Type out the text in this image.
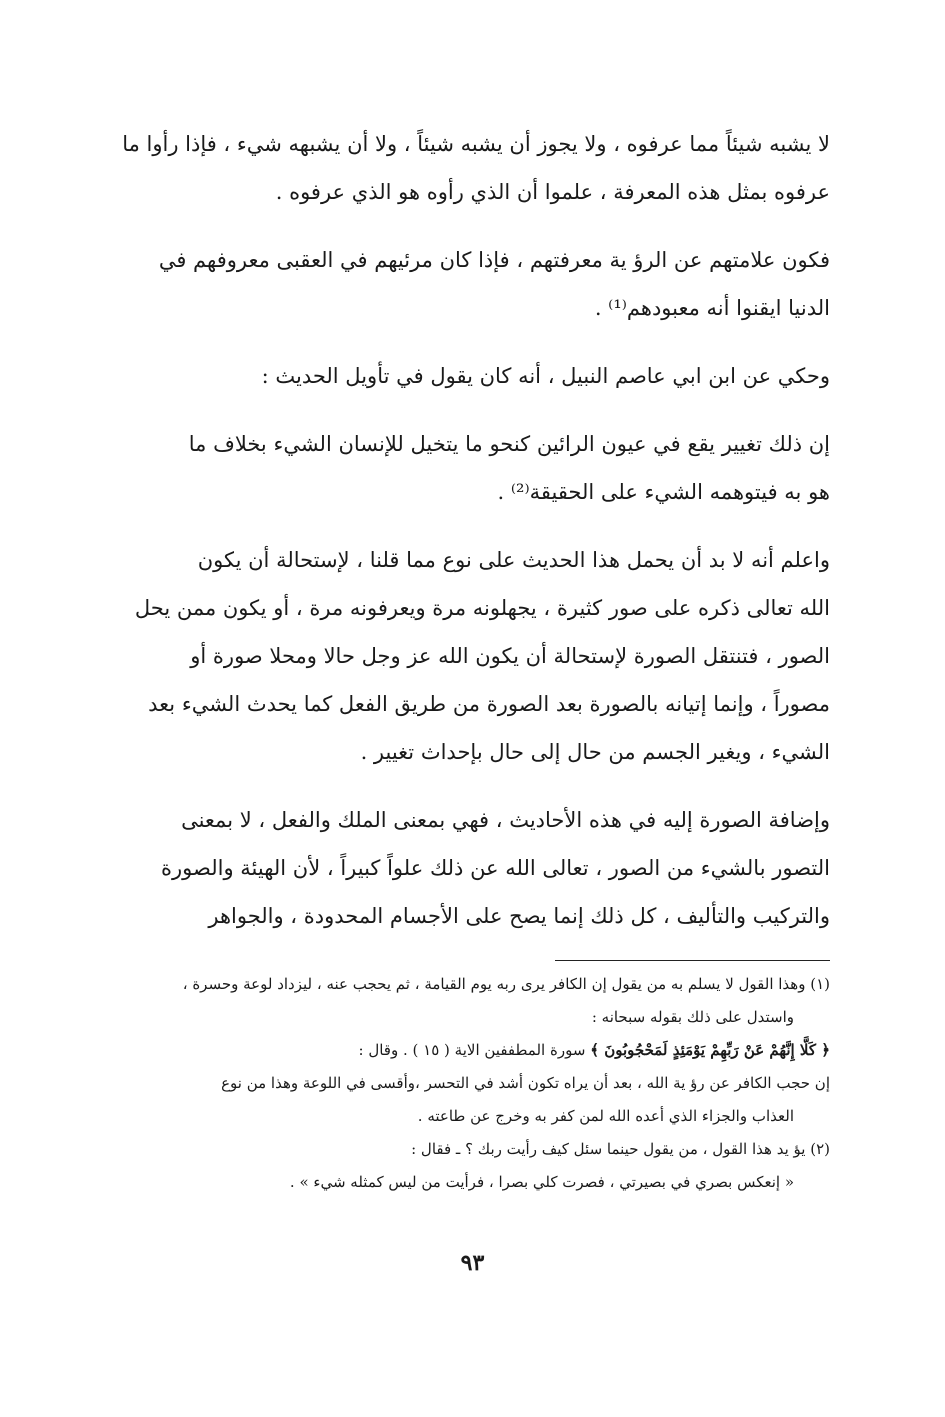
لا يشبه شيئاً مما عرفوه ، ولا يجوز أن يشبه شيئاً ، ولا أن يشبهه شيء ، فإذا رأوا ما

عرفوه بمثل هذه المعرفة ، علموا أن الذي رأوه هو الذي عرفوه .

فكون علامتهم عن الرؤ ية معرفتهم ، فإذا كان مرئيهم في العقبى معروفهم في

الدنيا ايقنوا أنه معبودهم⁽¹⁾ .

وحكي عن ابن ابي عاصم النبيل ، أنه كان يقول في تأويل الحديث :

إن ذلك تغيير يقع في عيون الرائين كنحو ما يتخيل للإنسان الشيء بخلاف ما

هو به فيتوهمه الشيء على الحقيقة⁽²⁾ .

واعلم أنه لا بد أن يحمل هذا الحديث على نوع مما قلنا ، لإستحالة أن يكون

الله تعالى ذكره على صور كثيرة ، يجهلونه مرة ويعرفونه مرة ، أو يكون ممن يحل

الصور ، فتنتقل الصورة لإستحالة أن يكون الله عز وجل حالا ومحلا صورة أو

مصوراً ، وإنما إتيانه بالصورة بعد الصورة من طريق الفعل كما يحدث الشيء بعد

الشيء ، ويغير الجسم من حال إلى حال بإحداث تغيير .

وإضافة الصورة إليه في هذه الأحاديث ، فهي بمعنى الملك والفعل ، لا بمعنى

التصور بالشيء من الصور ، تعالى الله عن ذلك علواً كبيراً ، لأن الهيئة والصورة

والتركيب والتأليف ، كل ذلك إنما يصح على الأجسام المحدودة ، والجواهر

(١) وهذا القول لا يسلم به من يقول إن الكافر يرى ربه يوم القيامة ، ثم يحجب عنه ، ليزداد لوعة وحسرة ،

واستدل على ذلك بقوله سبحانه :

﴿ كَلَّا إِنَّهُمْ عَنْ رَبِّهِمْ يَوْمَئِذٍ لَمَحْجُوبُونَ ﴾ سورة المطففين الاية ( ١٥ ) . وقال :

إن حجب الكافر عن رؤ ية الله ، بعد أن يراه تكون أشد في التحسر ،وأقسى في اللوعة وهذا من نوع

العذاب والجزاء الذي أعده الله لمن كفر به وخرج عن طاعته .

(٢) يؤ يد هذا القول ، من يقول حينما سئل كيف رأيت ربك ؟ ـ فقال :

« إنعكس بصري في بصيرتي ، فصرت كلي بصرا ، فرأيت من ليس كمثله شيء » .

٩٣
